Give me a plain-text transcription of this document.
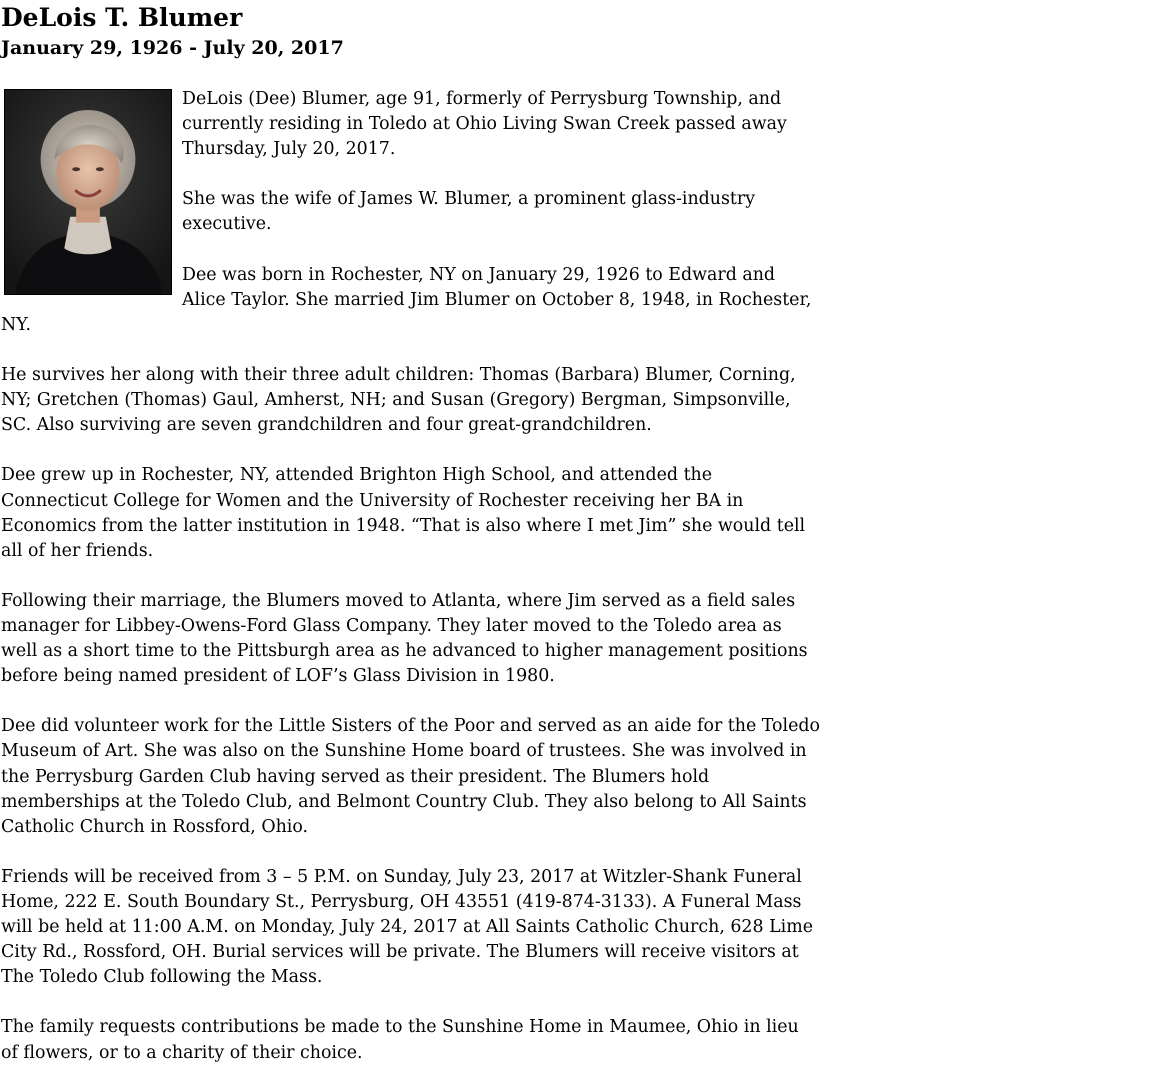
DeLois T. Blumer
January 29, 1926 - July 20, 2017

DeLois (Dee) Blumer, age 91, formerly of Perrysburg Township, and currently residing in Toledo at Ohio Living Swan Creek passed away Thursday, July 20, 2017.

She was the wife of James W. Blumer, a prominent glass-industry executive.

Dee was born in Rochester, NY on January 29, 1926 to Edward and Alice Taylor. She married Jim Blumer on October 8, 1948, in Rochester, NY.

He survives her along with their three adult children: Thomas (Barbara) Blumer, Corning, NY; Gretchen (Thomas) Gaul, Amherst, NH; and Susan (Gregory) Bergman, Simpsonville, SC. Also surviving are seven grandchildren and four great-grandchildren.

Dee grew up in Rochester, NY, attended Brighton High School, and attended the Connecticut College for Women and the University of Rochester receiving her BA in Economics from the latter institution in 1948. “That is also where I met Jim” she would tell all of her friends.

Following their marriage, the Blumers moved to Atlanta, where Jim served as a field sales manager for Libbey-Owens-Ford Glass Company. They later moved to the Toledo area as well as a short time to the Pittsburgh area as he advanced to higher management positions before being named president of LOF’s Glass Division in 1980.

Dee did volunteer work for the Little Sisters of the Poor and served as an aide for the Toledo Museum of Art. She was also on the Sunshine Home board of trustees. She was involved in the Perrysburg Garden Club having served as their president. The Blumers hold memberships at the Toledo Club, and Belmont Country Club. They also belong to All Saints Catholic Church in Rossford, Ohio.

Friends will be received from 3 – 5 P.M. on Sunday, July 23, 2017 at Witzler-Shank Funeral Home, 222 E. South Boundary St., Perrysburg, OH 43551 (419-874-3133). A Funeral Mass will be held at 11:00 A.M. on Monday, July 24, 2017 at All Saints Catholic Church, 628 Lime City Rd., Rossford, OH. Burial services will be private. The Blumers will receive visitors at The Toledo Club following the Mass.

The family requests contributions be made to the Sunshine Home in Maumee, Ohio in lieu of flowers, or to a charity of their choice.
